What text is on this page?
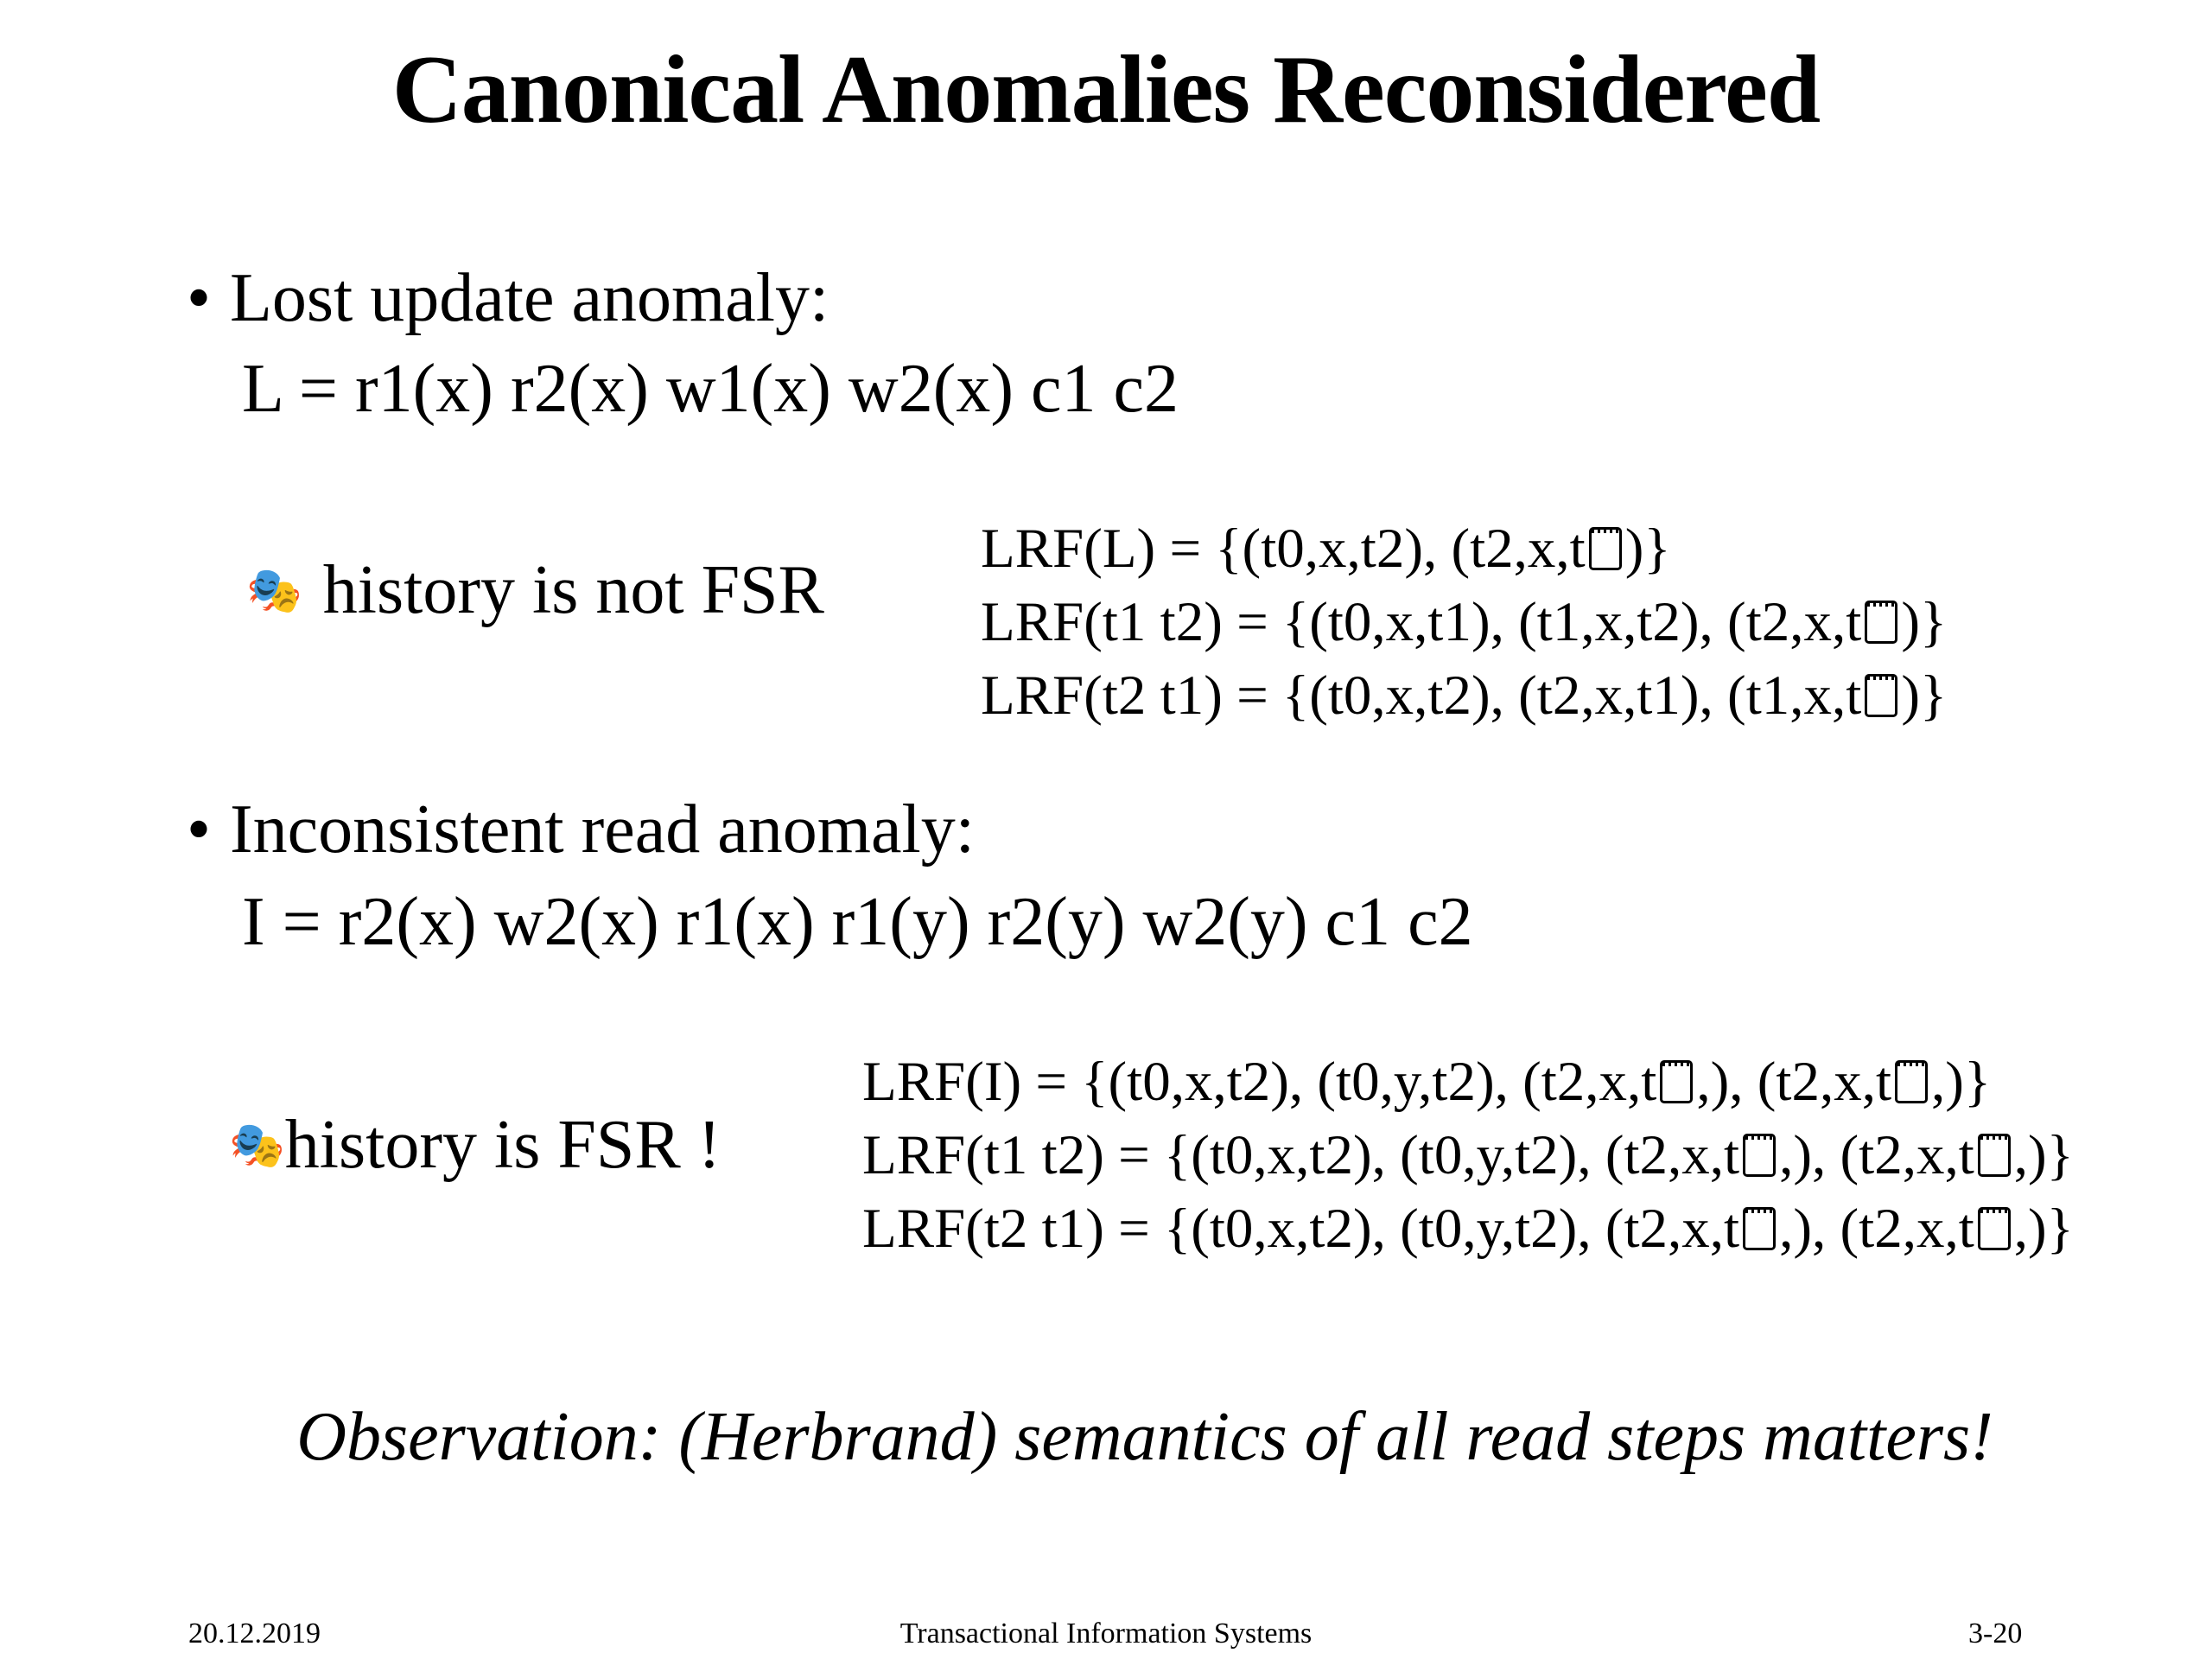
Canonical Anomalies Reconsidered
• Lost update anomaly:
L = r1(x) r2(x) w1(x) w2(x) c1 c2
🎭 history is not FSR
LRF(L) = {(t0,x,t2), (t2,x,t )}
LRF(t1 t2) = {(t0,x,t1), (t1,x,t2), (t2,x,t )}
LRF(t2 t1) = {(t0,x,t2), (t2,x,t1), (t1,x,t )}
• Inconsistent read anomaly:
I = r2(x) w2(x) r1(x) r1(y) r2(y) w2(y) c1 c2
🎭history is FSR !
LRF(I) = {(t0,x,t2), (t0,y,t2), (t2,x,t ,), (t2,x,t ,)}
LRF(t1 t2) = {(t0,x,t2), (t0,y,t2), (t2,x,t ,), (t2,x,t ,)}
LRF(t2 t1) = {(t0,x,t2), (t0,y,t2), (t2,x,t ,), (t2,x,t ,)}
Observation: (Herbrand) semantics of all read steps matters!
20.12.2019	Transactional Information Systems	3-20
